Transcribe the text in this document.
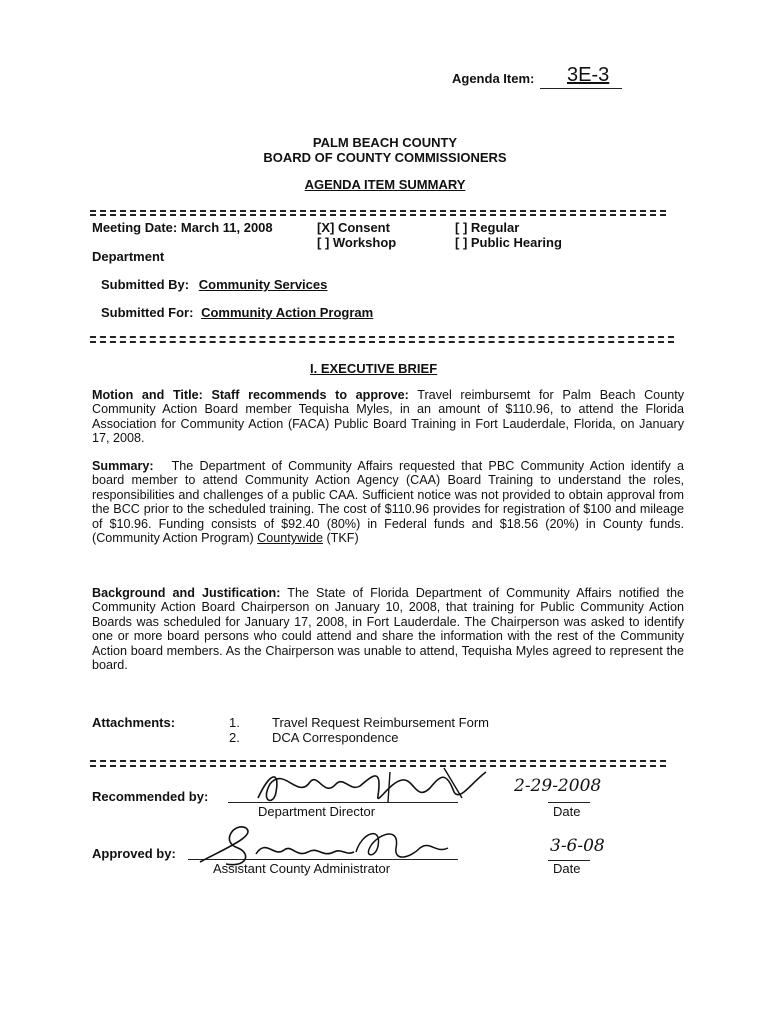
Agenda Item: 3E-3
PALM BEACH COUNTY
BOARD OF COUNTY COMMISSIONERS
AGENDA ITEM SUMMARY
Meeting Date: March 11, 2008	[X] Consent
[ ] Workshop
[ ] Regular
[ ] Public Hearing
Department
Submitted By: Community Services
Submitted For: Community Action Program
I. EXECUTIVE BRIEF
Motion and Title: Staff recommends to approve: Travel reimbursemt for Palm Beach County Community Action Board member Tequisha Myles, in an amount of $110.96, to attend the Florida Association for Community Action (FACA) Public Board Training in Fort Lauderdale, Florida, on January 17, 2008.
Summary: The Department of Community Affairs requested that PBC Community Action identify a board member to attend Community Action Agency (CAA) Board Training to understand the roles, responsibilities and challenges of a public CAA. Sufficient notice was not provided to obtain approval from the BCC prior to the scheduled training. The cost of $110.96 provides for registration of $100 and mileage of $10.96. Funding consists of $92.40 (80%) in Federal funds and $18.56 (20%) in County funds. (Community Action Program) Countywide (TKF)
Background and Justification: The State of Florida Department of Community Affairs notified the Community Action Board Chairperson on January 10, 2008, that training for Public Community Action Boards was scheduled for January 17, 2008, in Fort Lauderdale. The Chairperson was asked to identify one or more board persons who could attend and share the information with the rest of the Community Action board members. As the Chairperson was unable to attend, Tequisha Myles agreed to represent the board.
Attachments:	1. Travel Request Reimbursement Form
2. DCA Correspondence
Recommended by:
Department Director
2-29-2008
Date
Approved by:
Assistant County Administrator
3-6-08
Date
